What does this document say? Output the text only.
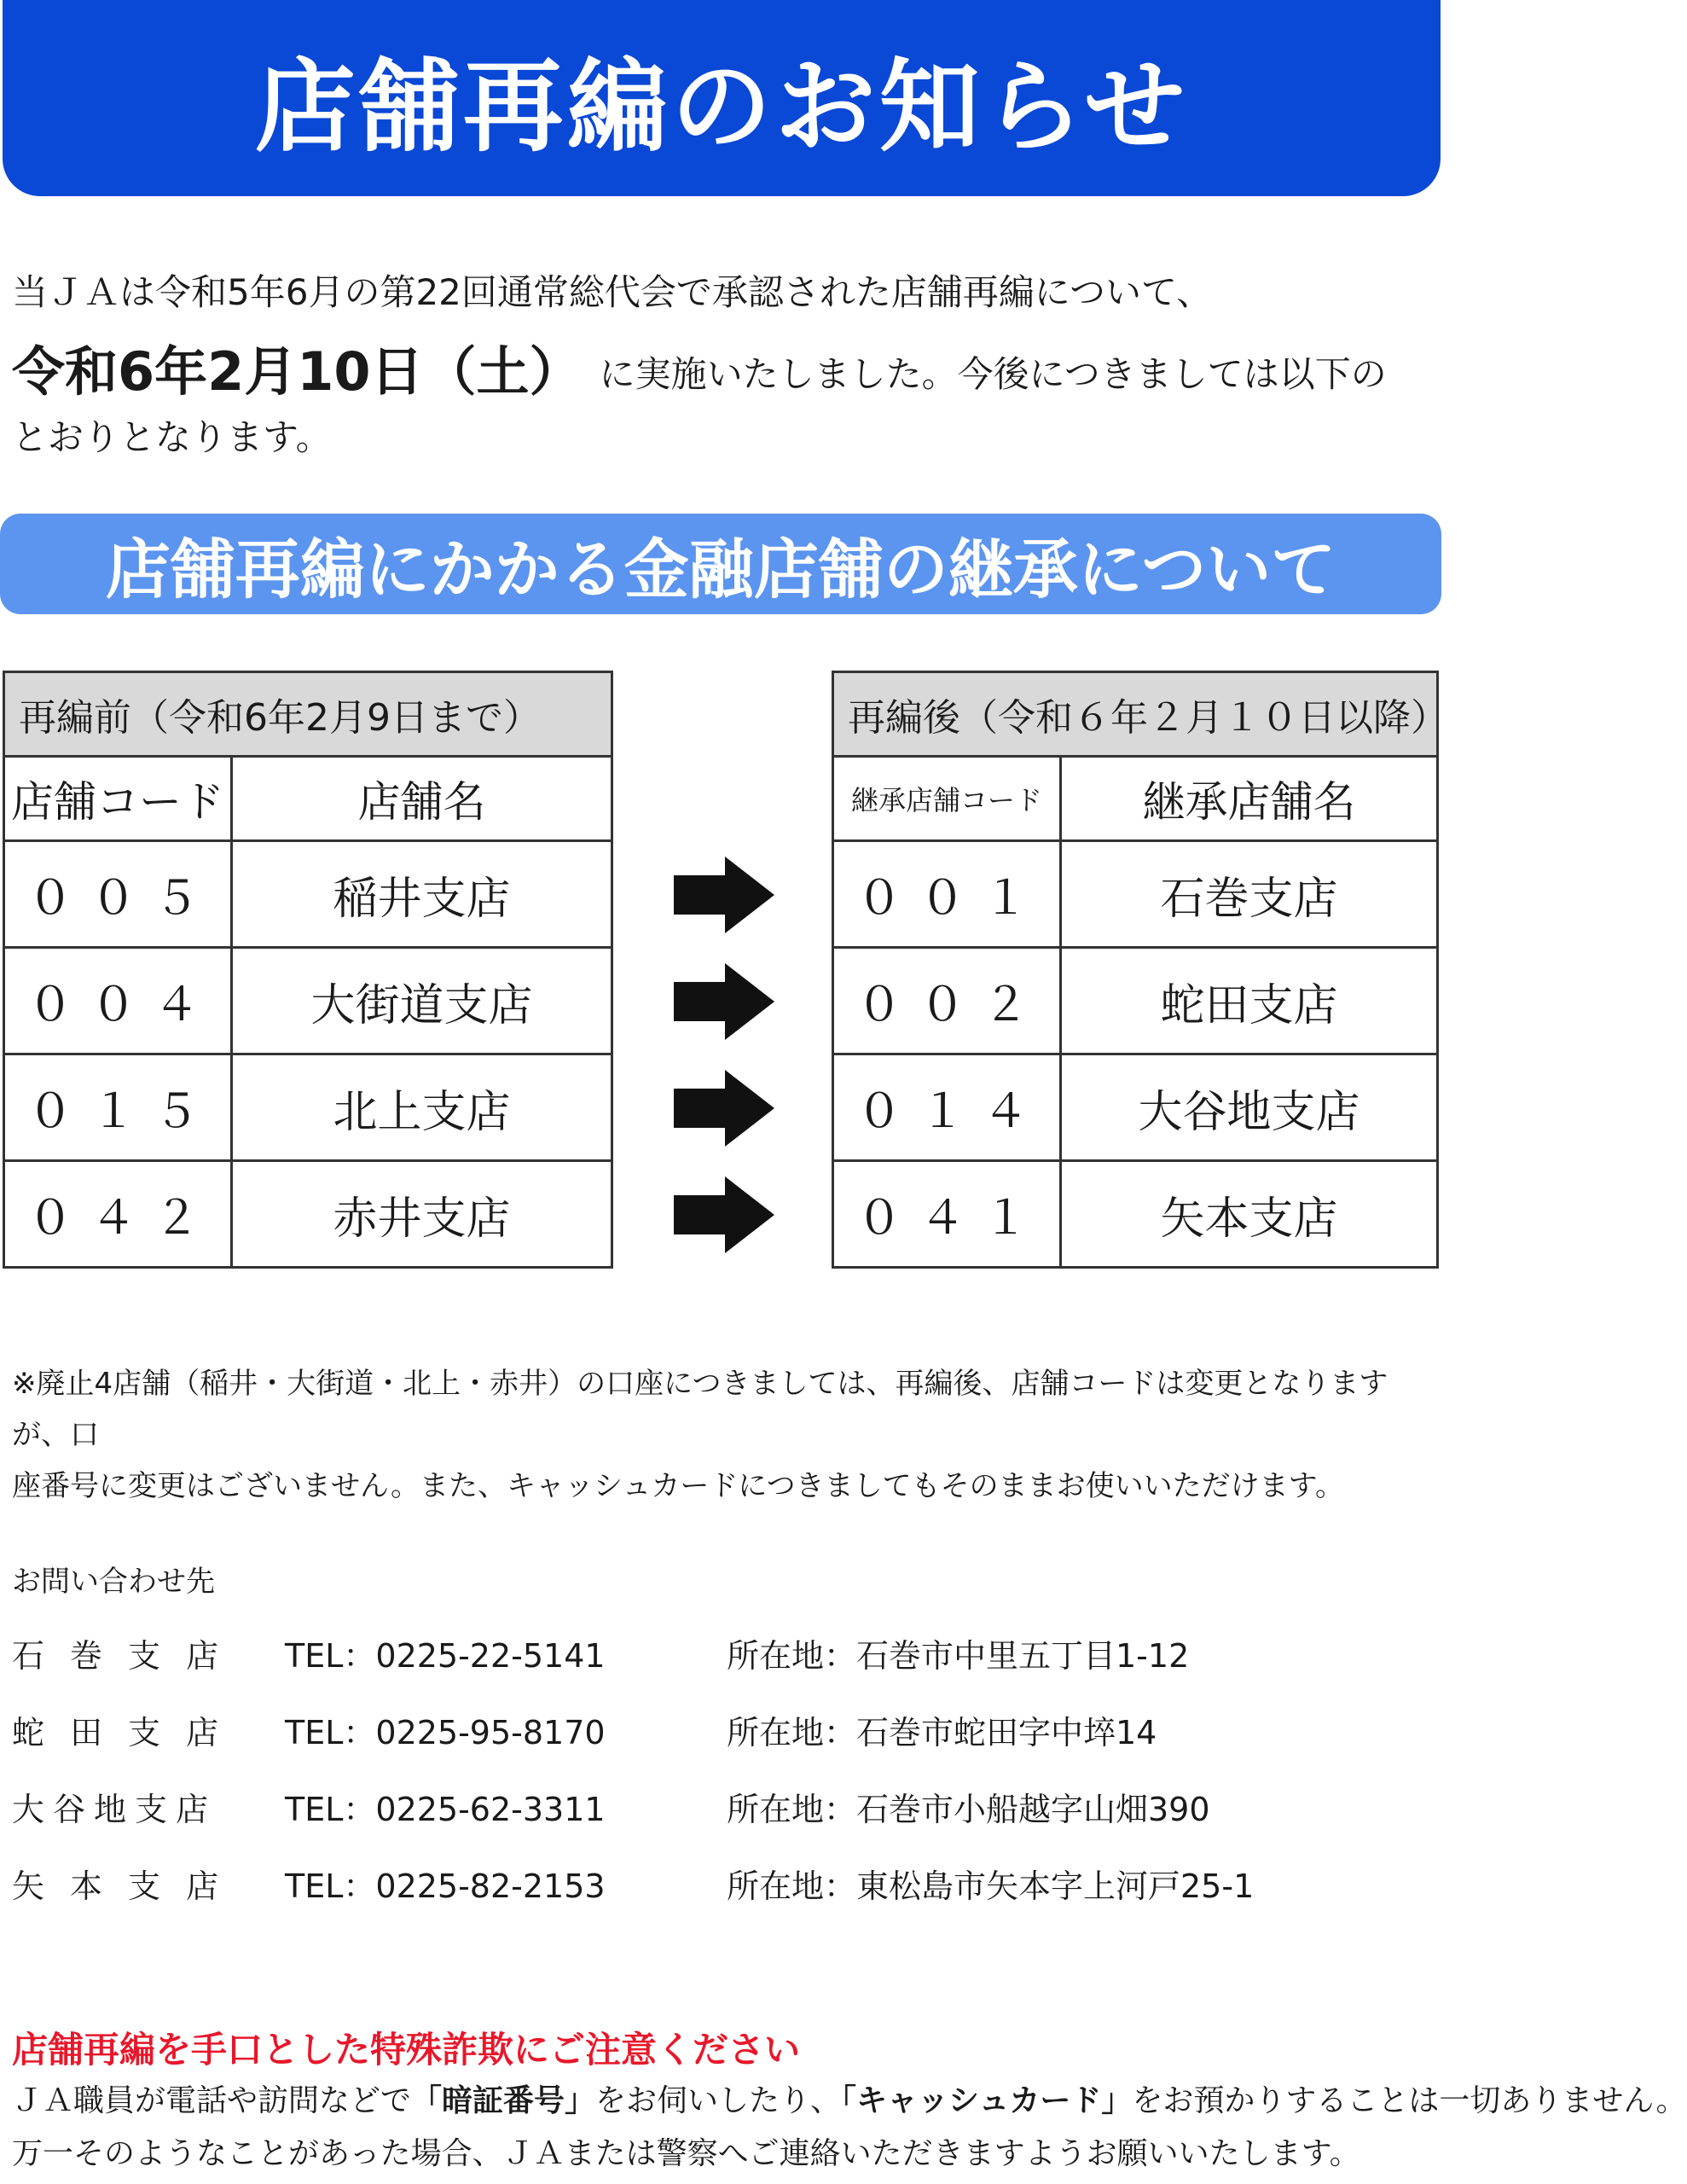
店舗再編のお知らせ
当ＪＡは令和5年6月の第22回通常総代会で承認された店舗再編について、
令和6年2月10日（土） に実施いたしました。今後につきましては以下の
とおりとなります。
店舗再編にかかる金融店舗の継承について
再編前（令和6年2月9日まで）	
店舗コード	店舗名
００５	稲井支店
００４	大街道支店
０１５	北上支店
０４２	赤井支店
再編後（令和６年２月１０日以降）	
継承店舗コード	継承店舗名
００１	石巻支店
００２	蛇田支店
０１４	大谷地支店
０４１	矢本支店
※廃止4店舗（稲井・大街道・北上・赤井）の口座につきましては、再編後、店舗コードは変更となりますが、口
座番号に変更はございません。また、キャッシュカードにつきましてもそのままお使いいただけます。
お問い合わせ先
石巻支店 TEL：0225-22-5141	所在地：石巻市中里五丁目1-12
蛇田支店 TEL：0225-95-8170	所在地：石巻市蛇田字中埣14
大谷地支店 TEL：0225-62-3311	所在地：石巻市小船越字山畑390
矢本支店 TEL：0225-82-2153	所在地：東松島市矢本字上河戸25-1
店舗再編を手口とした特殊詐欺にご注意ください
ＪＡ職員が電話や訪問などで「暗証番号」をお伺いしたり、「キャッシュカード」をお預かりすることは一切ありません。
万一そのようなことがあった場合、ＪＡまたは警察へご連絡いただきますようお願いいたします。
